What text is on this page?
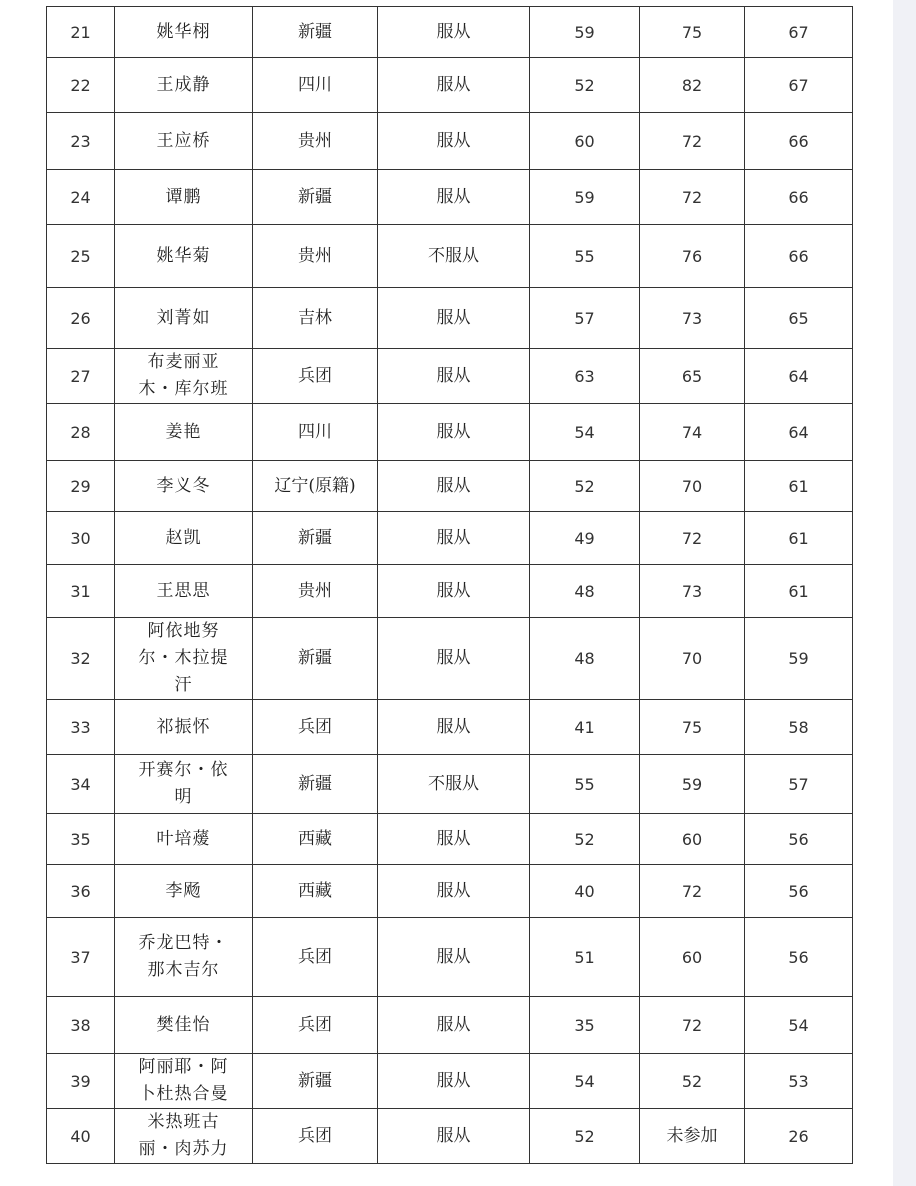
21	姚华栩	新疆	服从	59	75	67
22	王成静	四川	服从	52	82	67
23	王应桥	贵州	服从	60	72	66
24	谭鹏	新疆	服从	59	72	66
25	姚华菊	贵州	不服从	55	76	66
26	刘菁如	吉林	服从	57	73	65
27	布麦丽亚木・库尔班	兵团	服从	63	65	64
28	姜艳	四川	服从	54	74	64
29	李义冬	辽宁(原籍)	服从	52	70	61
30	赵凯	新疆	服从	49	72	61
31	王思思	贵州	服从	48	73	61
32	阿依地努尔・木拉提汗	新疆	服从	48	70	59
33	祁振怀	兵团	服从	41	75	58
34	开赛尔・依明	新疆	不服从	55	59	57
35	叶培蕿	西藏	服从	52	60	56
36	李飏	西藏	服从	40	72	56
37	乔龙巴特・那木吉尔	兵团	服从	51	60	56
38	樊佳怡	兵团	服从	35	72	54
39	阿丽耶・阿卜杜热合曼	新疆	服从	54	52	53
40	米热班古丽・肉苏力	兵团	服从	52	未参加	26
